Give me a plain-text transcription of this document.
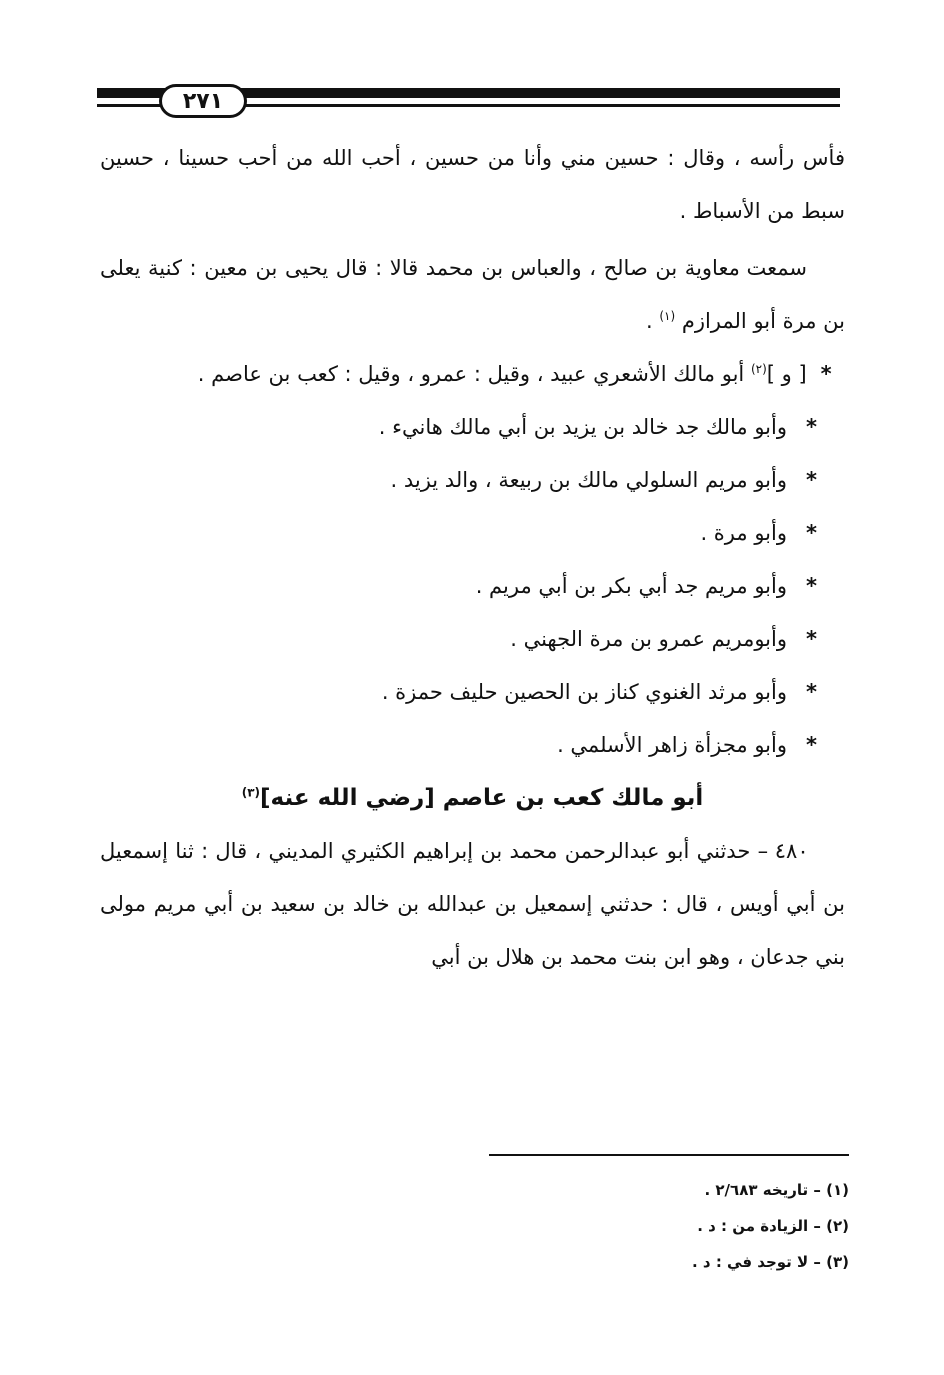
٢٧١

فأس رأسه ، وقال : حسين مني وأنا من حسين ، أحب الله من أحب حسينا ، حسين سبط من الأسباط .

سمعت معاوية بن صالح ، والعباس بن محمد قالا : قال يحيى بن معين : كنية يعلى بن مرة أبو المرازم $^{(١)}$ .

*[ و ]$^{(٢)}$ أبو مالك الأشعري عبيد ، وقيل : عمرو ، وقيل : كعب بن عاصم .

*
وأبو مالك جد خالد بن يزيد بن أبي مالك هانيء .
*
وأبو مريم السلولي مالك بن ربيعة ، والد يزيد .
*
وأبو مرة .
*
وأبو مريم جد أبي بكر بن أبي مريم .
*
وأبومريم عمرو بن مرة الجهني .
*
وأبو مرثد الغنوي كناز بن الحصين حليف حمزة .
*
وأبو مجزأة زاهر الأسلمي .

أبو مالك كعب بن عاصم [رضي الله عنه]$^{(٣)}$

٤٨٠ – حدثني أبو عبدالرحمن محمد بن إبراهيم الكثيري المديني ، قال : ثنا إسمعيل بن أبي أويس ، قال : حدثني إسمعيل بن عبدالله بن خالد بن سعيد بن أبي مريم مولى بني جدعان ، وهو ابن بنت محمد بن هلال بن أبي

(١) – تاريخه ٢/٦٨٣ .
(٢) – الزيادة من : د .
(٣) – لا توجد في : د .
